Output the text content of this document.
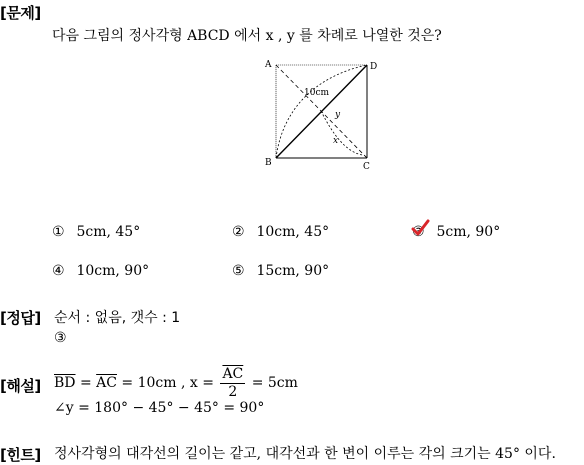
[문제]
다음 그림의 정사각형 ABCD 에서 x , y 를 차례로 나열한 것은?
A	D
B	C
10cm
y
x
① 5cm, 45°	② 10cm, 45°	③ 5cm, 90°
④ 10cm, 90°	⑤ 15cm, 90°
[정답] 순서 : 없음, 갯수 : 1
③
[해설] $\overline{BD} = \overline{AC} = 10cm$ , $x = \frac{\overline{AC}}{2} = 5cm$
∠y = 180° − 45° − 45° = 90°
[힌트] 정사각형의 대각선의 길이는 같고, 대각선과 한 변이 이루는 각의 크기는 45° 이다.
